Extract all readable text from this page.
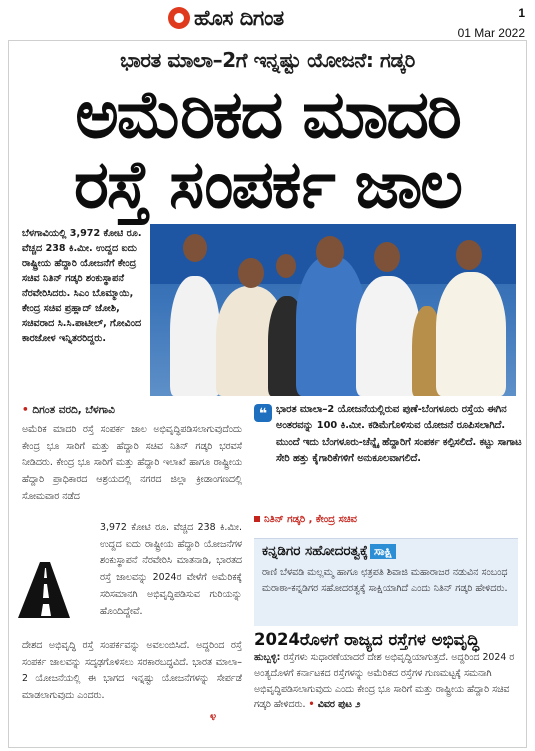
ಹೊಸ ದಿಗಂತ	1
01 Mar 2022
ಭಾರತ ಮಾಲಾ–2ಗೆ ಇನ್ನಷ್ಟು ಯೋಜನೆ: ಗಡ್ಕರಿ
ಅಮೆರಿಕದ ಮಾದರಿ
ರಸ್ತೆ ಸಂಪರ್ಕ ಜಾಲ
ಬೆಳಗಾವಿಯಲ್ಲಿ 3,972 ಕೋಟಿ ರೂ. ವೆಚ್ಚದ 238 ಕಿ.ಮೀ. ಉದ್ದದ ಐದು ರಾಷ್ಟ್ರೀಯ ಹೆದ್ದಾರಿ ಯೋಜನೆಗೆ ಕೇಂದ್ರ ಸಚಿವ ನಿತಿನ್ ಗಡ್ಕರಿ ಶಂಕುಸ್ಥಾಪನೆ ನೆರವೇರಿಸಿದರು. ಸಿಎಂ ಬೊಮ್ಮಾಯಿ, ಕೇಂದ್ರ ಸಚಿವ ಪ್ರಹ್ಲಾದ್ ಜೋಶಿ, ಸಚಿವರಾದ ಸಿ.ಸಿ.ಪಾಟೀಲ್, ಗೋವಿಂದ ಕಾರಜೋಳ ಇನ್ನಿತರರಿದ್ದರು.
• ದಿಗಂತ ವರದಿ, ಬೆಳಗಾವಿ
ಅಮೆರಿಕ ಮಾದರಿ ರಸ್ತೆ ಸಂಪರ್ಕ ಜಾಲ ಅಭಿವೃದ್ಧಿಪಡಿಸಲಾಗುವುದೆಂದು ಕೇಂದ್ರ ಭೂ ಸಾರಿಗೆ ಮತ್ತು ಹೆದ್ದಾರಿ ಸಚಿವ ನಿತಿನ್ ಗಡ್ಕರಿ ಭರವಸೆ ನೀಡಿದರು. ಕೇಂದ್ರ ಭೂ ಸಾರಿಗೆ ಮತ್ತು ಹೆದ್ದಾರಿ ಇಲಾಖೆ ಹಾಗೂ ರಾಷ್ಟ್ರೀಯ ಹೆದ್ದಾರಿ ಪ್ರಾಧಿಕಾರದ ಆಶ್ರಯದಲ್ಲಿ ನಗರದ ಜಿಲ್ಲಾ ಕ್ರೀಡಾಂಗಣದಲ್ಲಿ ಸೋಮವಾರ ನಡೆದ
3,972 ಕೋಟಿ ರೂ. ವೆಚ್ಚದ 238 ಕಿ.ಮೀ. ಉದ್ದದ ಐದು ರಾಷ್ಟ್ರೀಯ ಹೆದ್ದಾರಿ ಯೋಜನೆಗಳ ಶಂಕುಸ್ಥಾಪನೆ ನೆರವೇರಿಸಿ ಮಾತನಾಡಿ, ಭಾರತದ ರಸ್ತೆ ಜಾಲವನ್ನು 2024ರ ವೇಳೆಗೆ ಅಮೆರಿಕಕ್ಕೆ ಸರಿಸಮಾನಗಿ ಅಭಿವೃದ್ಧಿಪಡಿಸುವ ಗುರಿಯನ್ನು ಹೊಂದಿದ್ದೇವೆ.
ದೇಶದ ಅಭಿವೃದ್ಧಿ ರಸ್ತೆ ಸಂಪರ್ಕವನ್ನು ಅವಲಂಬಿಸಿದೆ. ಅದ್ದರಿಂದ ರಸ್ತೆ ಸಂಪರ್ಕ ಜಾಲವನ್ನು ಸದೃಢಗೊಳಿಸಲು ಸರಕಾರಬದ್ಧವಿದೆ. ಭಾರತ ಮಾಲಾ–2 ಯೋಜನೆಯಲ್ಲಿ ಈ ಭಾಗದ ಇನ್ನಷ್ಟು ಯೋಜನೆಗಳನ್ನು ಸೇರ್ಪಡೆ ಮಾಡಲಾಗುವುದು ಎಂದರು.
೪
❝ ಭಾರತ ಮಾಲಾ–2 ಯೋಜನೆಯಲ್ಲಿರುವ ಪುಣೆ-ಬೆಂಗಳೂರು ರಸ್ತೆಯ ಈಗಿನ ಅಂತರವನ್ನು 100 ಕಿ.ಮೀ. ಕಡಿಮೆಗೊಳಿಸುವ ಯೋಜನೆ ರೂಪಿಸಲಾಗಿದೆ. ಮುಂದೆ ಇದು ಬೆಂಗಳೂರು-ಚೆನ್ನೈ ಹೆದ್ದಾರಿಗೆ ಸಂಪರ್ಕ ಕಲ್ಪಿಸಲಿದೆ. ಕಟ್ಟು ಸಾಗಾಟ ಸೇರಿ ಹತ್ತು ಕೈಗಾರಿಕೆಗಳಿಗೆ ಅನುಕೂಲವಾಗಲಿದೆ.
ನಿತಿನ್ ಗಡ್ಕರಿ , ಕೇಂದ್ರ ಸಚಿವ
ಕನ್ನಡಿಗರ ಸಹೋದರತ್ವಕ್ಕೆ ಸಾಕ್ಷಿ
ರಾಣಿ ಬೆಳವಡಿ ಮಲ್ಲಮ್ಮ ಹಾಗೂ ಛತ್ರಪತಿ ಶಿವಾಜಿ ಮಹಾರಾಜರ ನಡುವಿನ ಸಂಬಂಧ ಮರಾಠಾ-ಕನ್ನಡಿಗರ ಸಹೋದರತ್ವಕ್ಕೆ ಸಾಕ್ಷಿಯಾಗಿದೆ ಎಂದು ನಿತಿನ್ ಗಡ್ಕರಿ ಹೇಳಿದರು.
2024ರೊಳಗೆ ರಾಜ್ಯದ ರಸ್ತೆಗಳ ಅಭಿವೃದ್ಧಿ
ಹುಬ್ಬಳ್ಳಿ: ರಸ್ತೆಗಳು ಸುಧಾರಣೆಯಾದರೆ ದೇಶ ಅಭಿವೃದ್ಧಿಯಾಗುತ್ತದೆ. ಅದ್ದರಿಂದ 2024 ರ ಅಂತ್ಯದೊಳಗೆ ಕರ್ನಾಟಕದ ರಸ್ತೆಗಳನ್ನು ಅಮೆರಿಕದ ರಸ್ತೆಗಳ ಗುಣಮಟ್ಟಕ್ಕೆ ಸಮನಾಗಿ ಅಭಿವೃದ್ಧಿಪಡಿಸಲಾಗುವುದು ಎಂದು ಕೇಂದ್ರ ಭೂ ಸಾರಿಗೆ ಮತ್ತು ರಾಷ್ಟ್ರೀಯ ಹೆದ್ದಾರಿ ಸಚಿವ ಗಡ್ಕರಿ ಹೇಳಿದರು. • ವಿವರ ಪುಟ ೨
